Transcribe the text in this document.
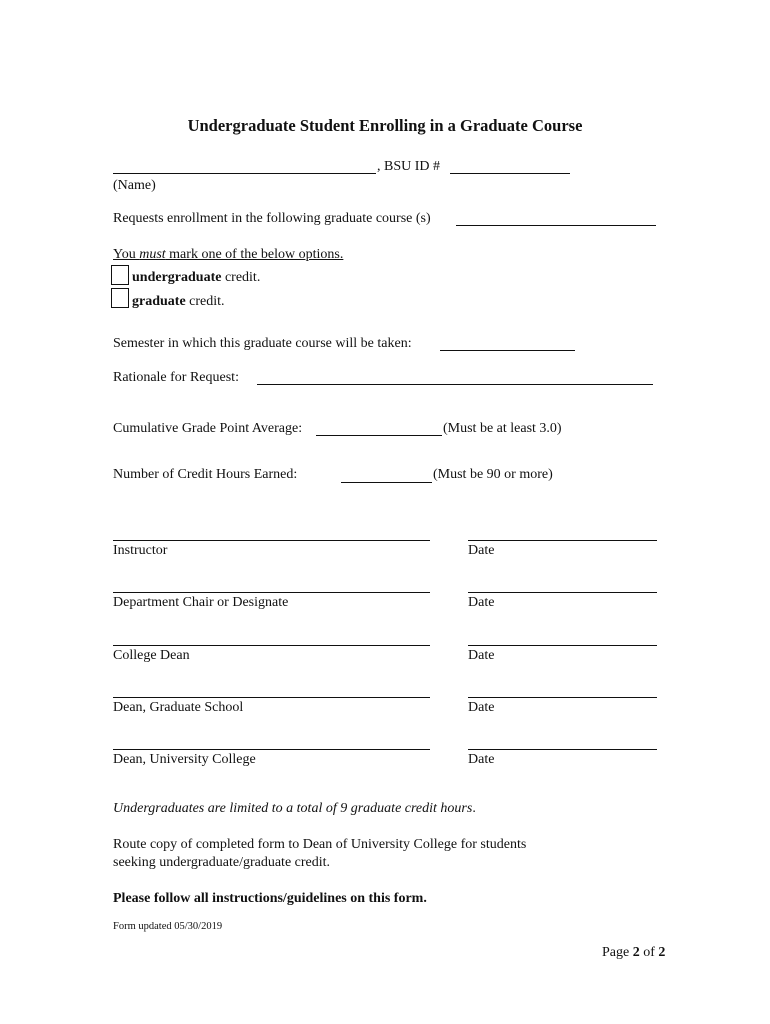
Undergraduate Student Enrolling in a Graduate Course
, BSU ID #
(Name)
Requests enrollment in the following graduate course (s)
You must mark one of the below options.
undergraduate credit.
graduate credit.
Semester in which this graduate course will be taken:
Rationale for Request:
Cumulative Grade Point Average:	(Must be at least 3.0)
Number of Credit Hours Earned:	(Must be 90 or more)
Instructor	Date
Department Chair or Designate	Date
College Dean	Date
Dean, Graduate School	Date
Dean, University College	Date
Undergraduates are limited to a total of 9 graduate credit hours.
Route copy of completed form to Dean of University College for students
seeking undergraduate/graduate credit.
Please follow all instructions/guidelines on this form.
Form updated 05/30/2019
Page 2 of 2
